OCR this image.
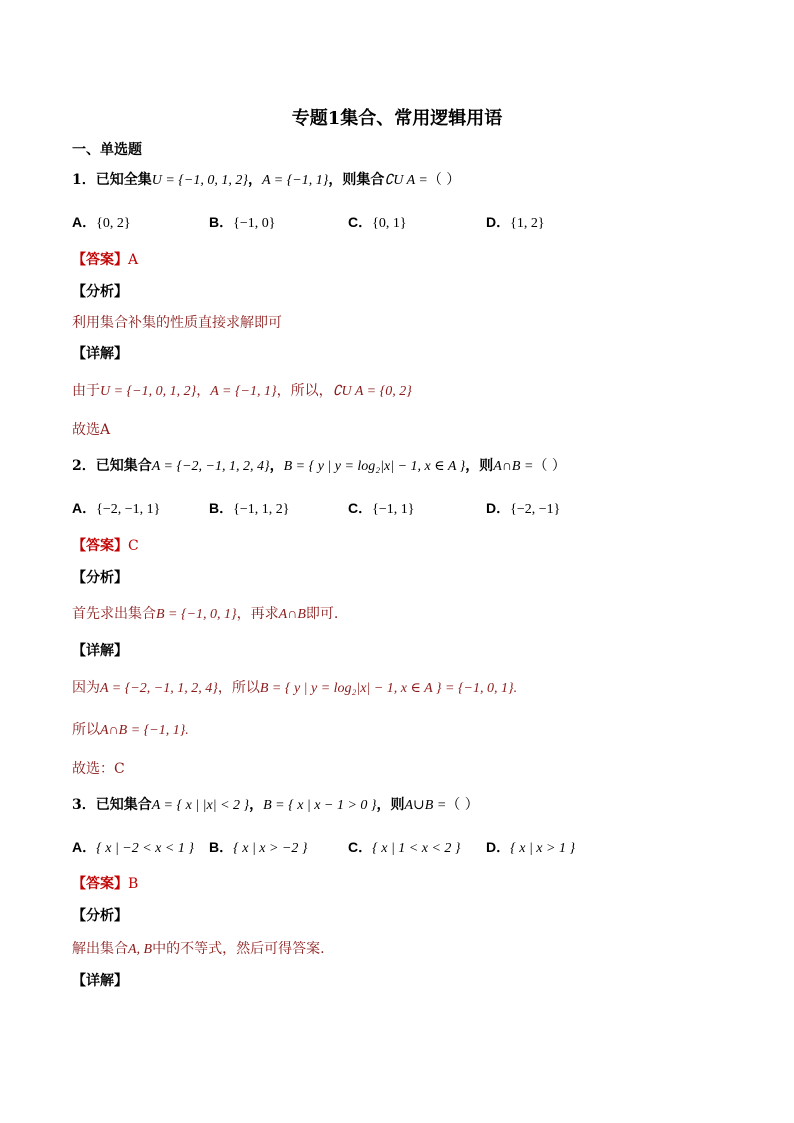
专题1集合、常用逻辑用语
一、单选题
1．已知全集U = {−1, 0, 1, 2}，A = {−1, 1}，则集合∁U A =（ ）
A．{0, 2}	B．{−1, 0}	C．{0, 1}	D．{1, 2}
【答案】A
【分析】
利用集合补集的性质直接求解即可
【详解】
由于U = {−1, 0, 1, 2}，A = {−1, 1}，所以，∁U A = {0, 2}
故选A
2．已知集合A = {−2, −1, 1, 2, 4}，B = { y | y = log₂|x| − 1, x ∈ A }，则A∩B =（ ）
A．{−2, −1, 1}	B．{−1, 1, 2}	C．{−1, 1}	D．{−2, −1}
【答案】C
【分析】
首先求出集合B = {−1, 0, 1}，再求A∩B即可.
【详解】
因为A = {−2, −1, 1, 2, 4}，所以B = { y | y = log₂|x| − 1, x ∈ A } = {−1, 0, 1}.
所以A∩B = {−1, 1}.
故选：C
3．已知集合A = { x | |x| < 2 }，B = { x | x − 1 > 0 }，则A∪B =（ ）
A．{ x | −2 < x < 1 } B．{ x | x > −2 }	C．{ x | 1 < x < 2 } D．{ x | x > 1 }
【答案】B
【分析】
解出集合A, B中的不等式，然后可得答案.
【详解】
